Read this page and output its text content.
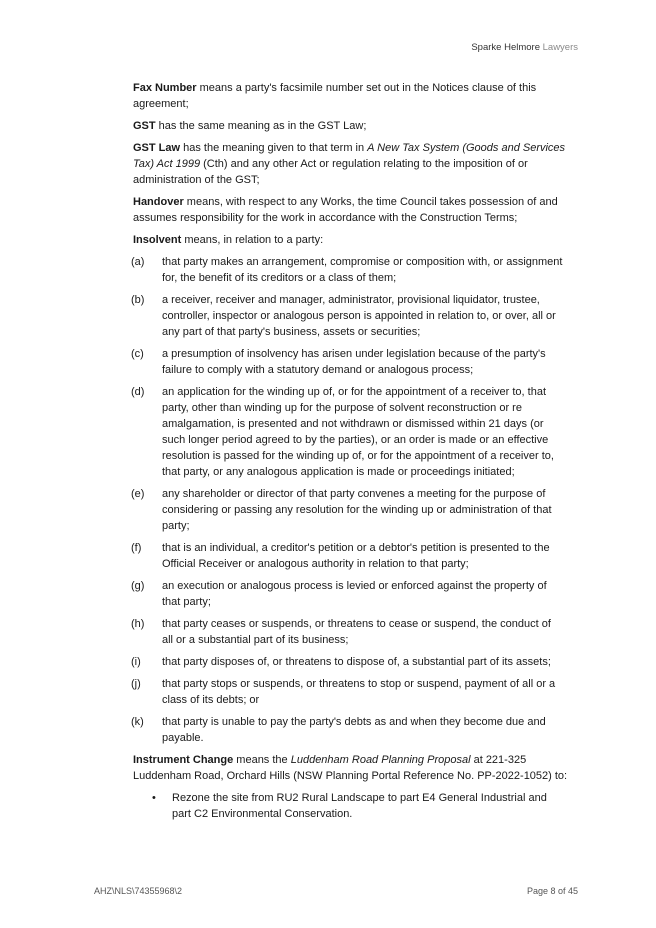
Sparke Helmore Lawyers

Fax Number means a party's facsimile number set out in the Notices clause of this agreement;

GST has the same meaning as in the GST Law;

GST Law has the meaning given to that term in A New Tax System (Goods and Services Tax) Act 1999 (Cth) and any other Act or regulation relating to the imposition of or administration of the GST;

Handover means, with respect to any Works, the time Council takes possession of and assumes responsibility for the work in accordance with the Construction Terms;

Insolvent means, in relation to a party:

(a)	that party makes an arrangement, compromise or composition with, or assignment for, the benefit of its creditors or a class of them;
(b)	a receiver, receiver and manager, administrator, provisional liquidator, trustee, controller, inspector or analogous person is appointed in relation to, or over, all or any part of that party's business, assets or securities;
(c)	a presumption of insolvency has arisen under legislation because of the party's failure to comply with a statutory demand or analogous process;
(d)	an application for the winding up of, or for the appointment of a receiver to, that party, other than winding up for the purpose of solvent reconstruction or re amalgamation, is presented and not withdrawn or dismissed within 21 days (or such longer period agreed to by the parties), or an order is made or an effective resolution is passed for the winding up of, or for the appointment of a receiver to, that party, or any analogous application is made or proceedings initiated;
(e)	any shareholder or director of that party convenes a meeting for the purpose of considering or passing any resolution for the winding up or administration of that party;
(f)	that is an individual, a creditor's petition or a debtor's petition is presented to the Official Receiver or analogous authority in relation to that party;
(g)	an execution or analogous process is levied or enforced against the property of that party;
(h)	that party ceases or suspends, or threatens to cease or suspend, the conduct of all or a substantial part of its business;
(i)	that party disposes of, or threatens to dispose of, a substantial part of its assets;
(j)	that party stops or suspends, or threatens to stop or suspend, payment of all or a class of its debts; or
(k)	that party is unable to pay the party's debts as and when they become due and payable.

Instrument Change means the Luddenham Road Planning Proposal at 221-325 Luddenham Road, Orchard Hills (NSW Planning Portal Reference No. PP-2022-1052) to:

•	Rezone the site from RU2 Rural Landscape to part E4 General Industrial and part C2 Environmental Conservation.
AHZ\NLS\74355968\2	Page 8 of 45
